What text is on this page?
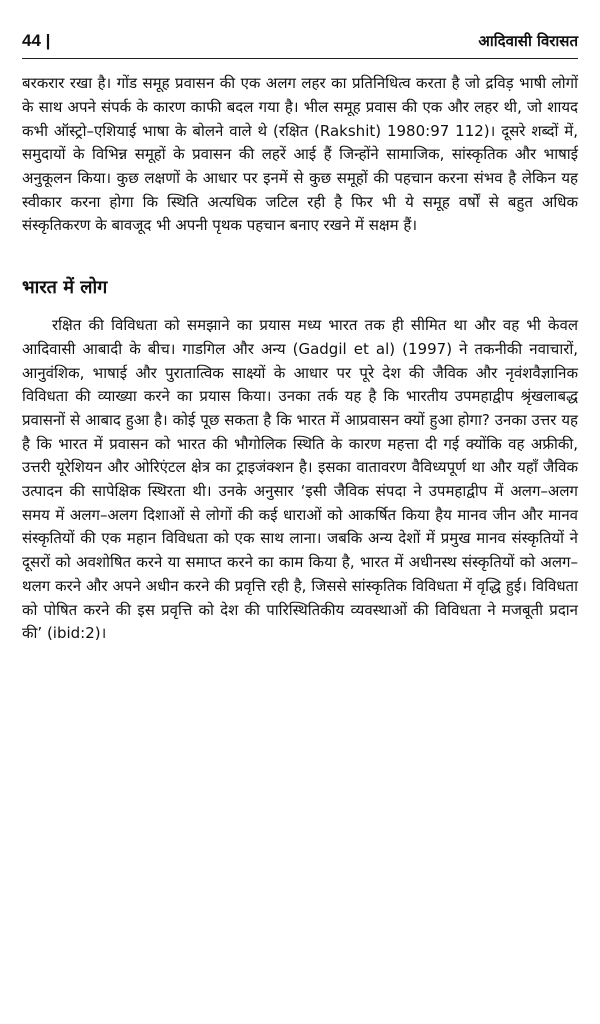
44 |	आदिवासी विरासत

बरकरार रखा है। गोंड समूह प्रवासन की एक अलग लहर का प्रतिनिधित्व करता है जो द्रविड़ भाषी लोगों के साथ अपने संपर्क के कारण काफी बदल गया है। भील समूह प्रवास की एक और लहर थी, जो शायद कभी ऑस्ट्रो–एशियाई भाषा के बोलने वाले थे (रक्षित (Rakshit) 1980:97 112)। दूसरे शब्दों में, समुदायों के विभिन्न समूहों के प्रवासन की लहरें आई हैं जिन्होंने सामाजिक, सांस्कृतिक और भाषाई अनुकूलन किया। कुछ लक्षणों के आधार पर इनमें से कुछ समूहों की पहचान करना संभव है लेकिन यह स्वीकार करना होगा कि स्थिति अत्यधिक जटिल रही है फिर भी ये समूह वर्षों से बहुत अधिक संस्कृतिकरण के बावजूद भी अपनी पृथक पहचान बनाए रखने में सक्षम हैं।

भारत में लोग

रक्षित की विविधता को समझाने का प्रयास मध्य भारत तक ही सीमित था और वह भी केवल आदिवासी आबादी के बीच। गाडगिल और अन्य (Gadgil et al) (1997) ने तकनीकी नवाचारों, आनुवंशिक, भाषाई और पुरातात्विक साक्ष्यों के आधार पर पूरे देश की जैविक और नृवंशवैज्ञानिक विविधता की व्याख्या करने का प्रयास किया। उनका तर्क यह है कि भारतीय उपमहाद्वीप श्रृंखलाबद्ध प्रवासनों से आबाद हुआ है। कोई पूछ सकता है कि भारत में आप्रवासन क्यों हुआ होगा? उनका उत्तर यह है कि भारत में प्रवासन को भारत की भौगोलिक स्थिति के कारण महत्ता दी गई क्योंकि वह अफ्रीकी, उत्तरी यूरेशियन और ओरिएंटल क्षेत्र का ट्राइजंक्शन है। इसका वातावरण वैविध्यपूर्ण था और यहाँ जैविक उत्पादन की सापेक्षिक स्थिरता थी। उनके अनुसार ‘इसी जैविक संपदा ने उपमहाद्वीप में अलग–अलग समय में अलग–अलग दिशाओं से लोगों की कई धाराओं को आकर्षित किया हैय मानव जीन और मानव संस्कृतियों की एक महान विविधता को एक साथ लाना। जबकि अन्य देशों में प्रमुख मानव संस्कृतियों ने दूसरों को अवशोषित करने या समाप्त करने का काम किया है, भारत में अधीनस्थ संस्कृतियों को अलग–थलग करने और अपने अधीन करने की प्रवृत्ति रही है, जिससे सांस्कृतिक विविधता में वृद्धि हुई। विविधता को पोषित करने की इस प्रवृत्ति को देश की पारिस्थितिकीय व्यवस्थाओं की विविधता ने मजबूती प्रदान की’ (ibid:2)।
